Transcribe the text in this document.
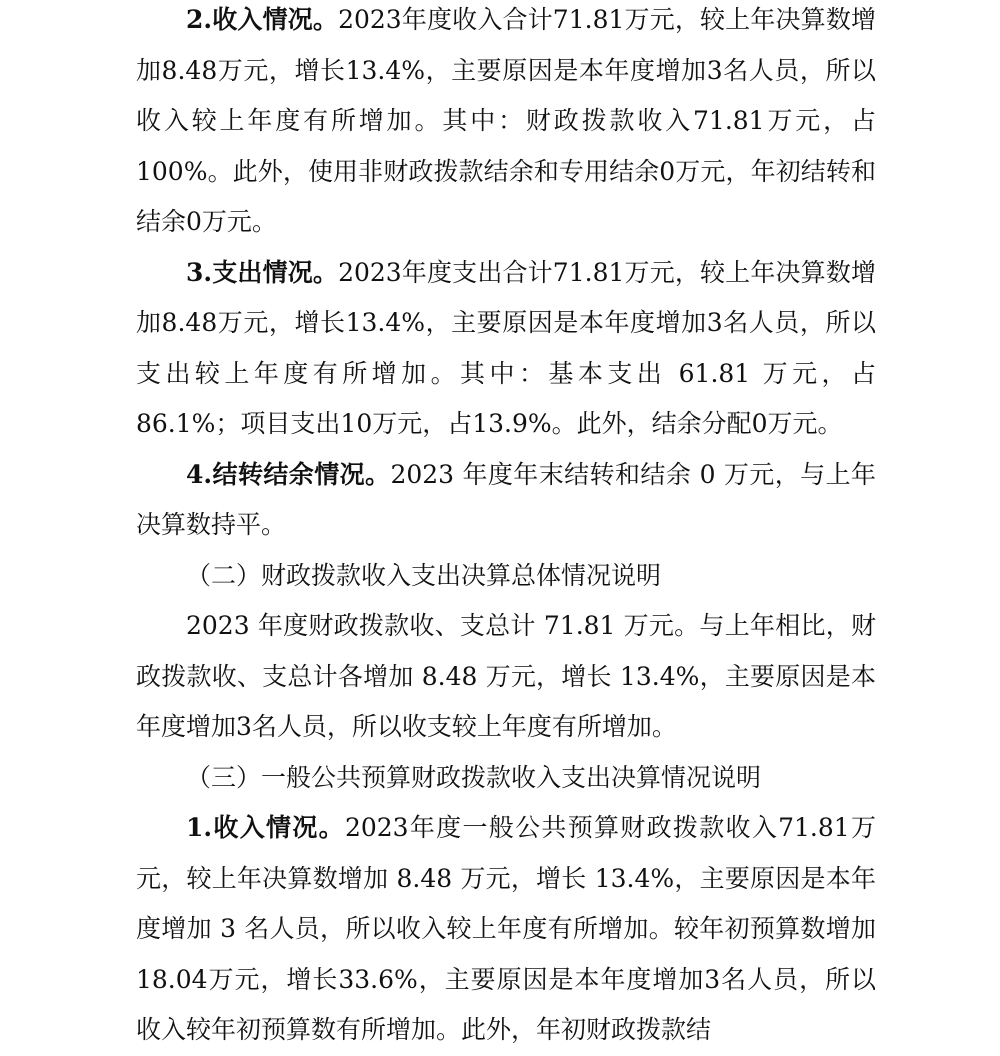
2.收入情况。2023年度收入合计71.81万元，较上年决算数增加8.48万元，增长13.4%，主要原因是本年度增加3名人员，所以收入较上年度有所增加。其中：财政拨款收入71.81万元，占100%。此外，使用非财政拨款结余和专用结余0万元，年初结转和结余0万元。

3.支出情况。2023年度支出合计71.81万元，较上年决算数增加8.48万元，增长13.4%，主要原因是本年度增加3名人员，所以支出较上年度有所增加。其中：基本支出 61.81 万元，占 86.1%；项目支出10万元，占13.9%。此外，结余分配0万元。

4.结转结余情况。2023 年度年末结转和结余 0 万元，与上年决算数持平。

（二）财政拨款收入支出决算总体情况说明

2023 年度财政拨款收、支总计 71.81 万元。与上年相比，财政拨款收、支总计各增加 8.48 万元，增长 13.4%，主要原因是本年度增加3名人员，所以收支较上年度有所增加。

（三）一般公共预算财政拨款收入支出决算情况说明

1.收入情况。2023年度一般公共预算财政拨款收入71.81万元，较上年决算数增加 8.48 万元，增长 13.4%，主要原因是本年度增加 3 名人员，所以收入较上年度有所增加。较年初预算数增加18.04万元，增长33.6%，主要原因是本年度增加3名人员，所以收入较年初预算数有所增加。此外，年初财政拨款结
